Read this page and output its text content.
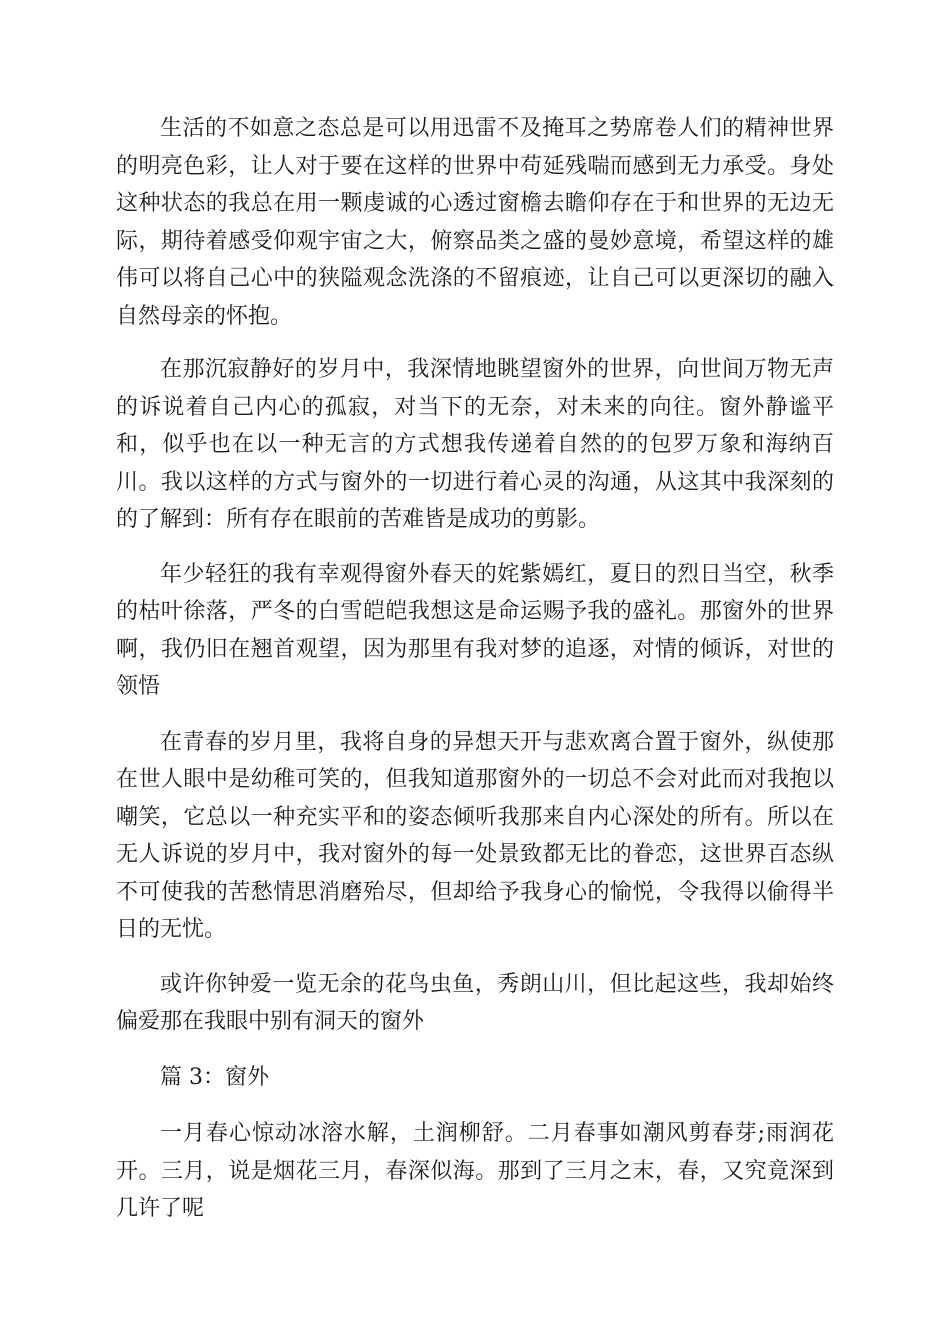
生活的不如意之态总是可以用迅雷不及掩耳之势席卷人们的精神世界的明亮色彩，让人对于要在这样的世界中苟延残喘而感到无力承受。身处这种状态的我总在用一颗虔诚的心透过窗檐去瞻仰存在于和世界的无边无际，期待着感受仰观宇宙之大，俯察品类之盛的曼妙意境，希望这样的雄伟可以将自己心中的狭隘观念洗涤的不留痕迹，让自己可以更深切的融入自然母亲的怀抱。

在那沉寂静好的岁月中，我深情地眺望窗外的世界，向世间万物无声的诉说着自己内心的孤寂，对当下的无奈，对未来的向往。窗外静谧平和，似乎也在以一种无言的方式想我传递着自然的的包罗万象和海纳百川。我以这样的方式与窗外的一切进行着心灵的沟通，从这其中我深刻的的了解到：所有存在眼前的苦难皆是成功的剪影。

年少轻狂的我有幸观得窗外春天的姹紫嫣红，夏日的烈日当空，秋季的枯叶徐落，严冬的白雪皑皑我想这是命运赐予我的盛礼。那窗外的世界啊，我仍旧在翘首观望，因为那里有我对梦的追逐，对情的倾诉，对世的领悟

在青春的岁月里，我将自身的异想天开与悲欢离合置于窗外，纵使那在世人眼中是幼稚可笑的，但我知道那窗外的一切总不会对此而对我抱以嘲笑，它总以一种充实平和的姿态倾听我那来自内心深处的所有。所以在无人诉说的岁月中，我对窗外的每一处景致都无比的眷恋，这世界百态纵不可使我的苦愁情思消磨殆尽，但却给予我身心的愉悦，令我得以偷得半日的无忧。

或许你钟爱一览无余的花鸟虫鱼，秀朗山川，但比起这些，我却始终偏爱那在我眼中别有洞天的窗外

篇 3：窗外

一月春心惊动冰溶水解，土润柳舒。二月春事如潮风剪春芽;雨润花开。三月，说是烟花三月，春深似海。那到了三月之末，春，又究竟深到几许了呢
